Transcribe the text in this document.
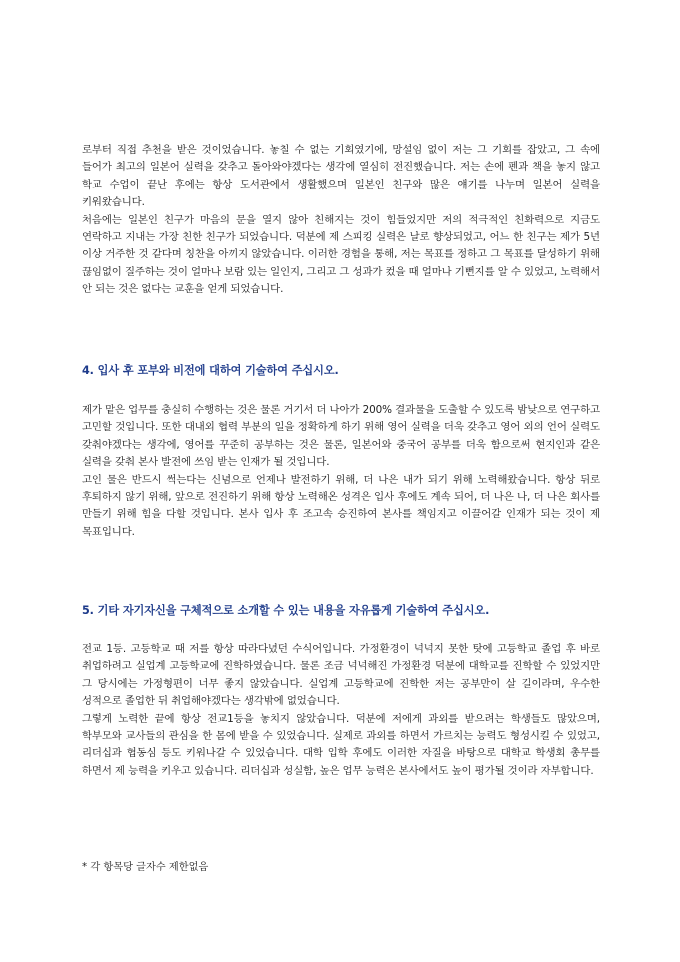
로부터 직접 추천을 받은 것이었습니다. 놓칠 수 없는 기회였기에, 망설임 없이 저는 그 기회를 잡았고, 그 속에 들어가 최고의 일본어 실력을 갖추고 돌아와야겠다는 생각에 열심히 전진했습니다. 저는 손에 펜과 책을 놓지 않고 학교 수업이 끝난 후에는 항상 도서관에서 생활했으며 일본인 친구와 많은 얘기를 나누며 일본어 실력을 키워왔습니다.

처음에는 일본인 친구가 마음의 문을 열지 않아 친해지는 것이 힘들었지만 저의 적극적인 친화력으로 지금도 연락하고 지내는 가장 친한 친구가 되었습니다. 덕분에 제 스피킹 실력은 날로 향상되었고, 어느 한 친구는 제가 5년 이상 거주한 것 같다며 칭찬을 아끼지 않았습니다. 이러한 경험을 통해, 저는 목표를 정하고 그 목표를 달성하기 위해 끊임없이 질주하는 것이 얼마나 보람 있는 일인지, 그리고 그 성과가 컸을 때 얼마나 기뻔지를 알 수 있었고, 노력해서 안 되는 것은 없다는 교훈을 얻게 되었습니다.

4. 입사 후 포부와 비전에 대하여 기술하여 주십시오.

제가 맡은 업무를 충실히 수행하는 것은 물론 거기서 더 나아가 200% 결과물을 도출할 수 있도록 밤낮으로 연구하고 고민할 것입니다. 또한 대내외 협력 부분의 일을 정확하게 하기 위해 영어 실력을 더욱 갖추고 영어 외의 언어 실력도 갖춰야겠다는 생각에, 영어를 꾸준히 공부하는 것은 물론, 일본어와 중국어 공부를 더욱 함으로써 현지인과 같은 실력을 갖춰 본사 발전에 쓰임 받는 인재가 될 것입니다.

고인 물은 반드시 썩는다는 신념으로 언제나 발전하기 위해, 더 나은 내가 되기 위해 노력해왔습니다. 항상 뒤로 후퇴하지 않기 위해, 앞으로 전진하기 위해 항상 노력해온 성격은 입사 후에도 계속 되어, 더 나은 나, 더 나은 회사를 만들기 위해 힘을 다할 것입니다. 본사 입사 후 조고속 승진하여 본사를 책임지고 이끌어갈 인재가 되는 것이 제 목표입니다.

5. 기타 자기자신을 구체적으로 소개할 수 있는 내용을 자유롭게 기술하여 주십시오.

전교 1등. 고등학교 때 저를 항상 따라다녔던 수식어입니다. 가정환경이 넉넉지 못한 탓에 고등학교 졸업 후 바로 취업하려고 실업계 고등학교에 진학하였습니다. 물론 조금 넉넉해진 가정환경 덕분에 대학교를 진학할 수 있었지만 그 당시에는 가정형편이 너무 좋지 않았습니다. 실업계 고등학교에 진학한 저는 공부만이 살 길이라며, 우수한 성적으로 졸업한 뒤 취업해야겠다는 생각밖에 없었습니다.

그렇게 노력한 끝에 항상 전교1등을 놓치지 않았습니다. 덕분에 저에게 과외를 받으려는 학생들도 많았으며, 학부모와 교사들의 관심을 한 몸에 받을 수 있었습니다. 실제로 과외를 하면서 가르치는 능력도 형성시킬 수 있었고, 리더십과 협동심 등도 키워나갈 수 있었습니다. 대학 입학 후에도 이러한 자질을 바탕으로 대학교 학생회 총무를 하면서 제 능력을 키우고 있습니다. 리더십과 성실함, 높은 업무 능력은 본사에서도 높이 평가될 것이라 자부합니다.

* 각 항목당 글자수 제한없음
